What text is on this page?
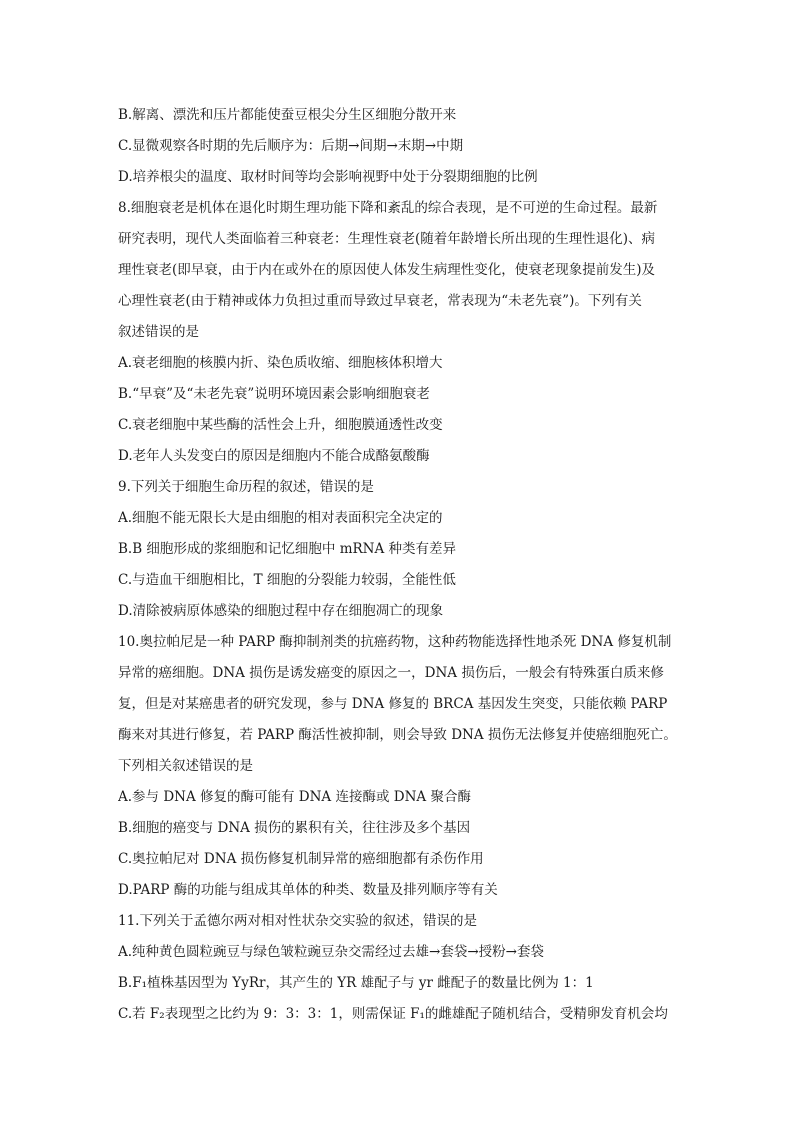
B.解离、漂洗和压片都能使蚕豆根尖分生区细胞分散开来
C.显微观察各时期的先后顺序为：后期→间期→末期→中期
D.培养根尖的温度、取材时间等均会影响视野中处于分裂期细胞的比例
8.细胞衰老是机体在退化时期生理功能下降和紊乱的综合表现，是不可逆的生命过程。最新
研究表明，现代人类面临着三种衰老：生理性衰老(随着年龄增长所出现的生理性退化)、病
理性衰老(即早衰，由于内在或外在的原因使人体发生病理性变化，使衰老现象提前发生)及
心理性衰老(由于精神或体力负担过重而导致过早衰老，常表现为“未老先衰”)。下列有关
叙述错误的是
A.衰老细胞的核膜内折、染色质收缩、细胞核体积增大
B.“早衰”及“未老先衰”说明环境因素会影响细胞衰老
C.衰老细胞中某些酶的活性会上升，细胞膜通透性改变
D.老年人头发变白的原因是细胞内不能合成酪氨酸酶
9.下列关于细胞生命历程的叙述，错误的是
A.细胞不能无限长大是由细胞的相对表面积完全决定的
B.B 细胞形成的浆细胞和记忆细胞中 mRNA 种类有差异
C.与造血干细胞相比，T 细胞的分裂能力较弱，全能性低
D.清除被病原体感染的细胞过程中存在细胞凋亡的现象
10.奥拉帕尼是一种 PARP 酶抑制剂类的抗癌药物，这种药物能选择性地杀死 DNA 修复机制
异常的癌细胞。DNA 损伤是诱发癌变的原因之一，DNA 损伤后，一般会有特殊蛋白质来修
复，但是对某癌患者的研究发现，参与 DNA 修复的 BRCA 基因发生突变，只能依赖 PARP
酶来对其进行修复，若 PARP 酶活性被抑制，则会导致 DNA 损伤无法修复并使癌细胞死亡。
下列相关叙述错误的是
A.参与 DNA 修复的酶可能有 DNA 连接酶或 DNA 聚合酶
B.细胞的癌变与 DNA 损伤的累积有关，往往涉及多个基因
C.奥拉帕尼对 DNA 损伤修复机制异常的癌细胞都有杀伤作用
D.PARP 酶的功能与组成其单体的种类、数量及排列顺序等有关
11.下列关于孟德尔两对相对性状杂交实验的叙述，错误的是
A.纯种黄色圆粒豌豆与绿色皱粒豌豆杂交需经过去雄→套袋→授粉→套袋
B.F₁植株基因型为 YyRr，其产生的 YR 雄配子与 yr 雌配子的数量比例为 1：1
C.若 F₂表现型之比约为 9：3：3：1，则需保证 F₁的雌雄配子随机结合，受精卵发育机会均
